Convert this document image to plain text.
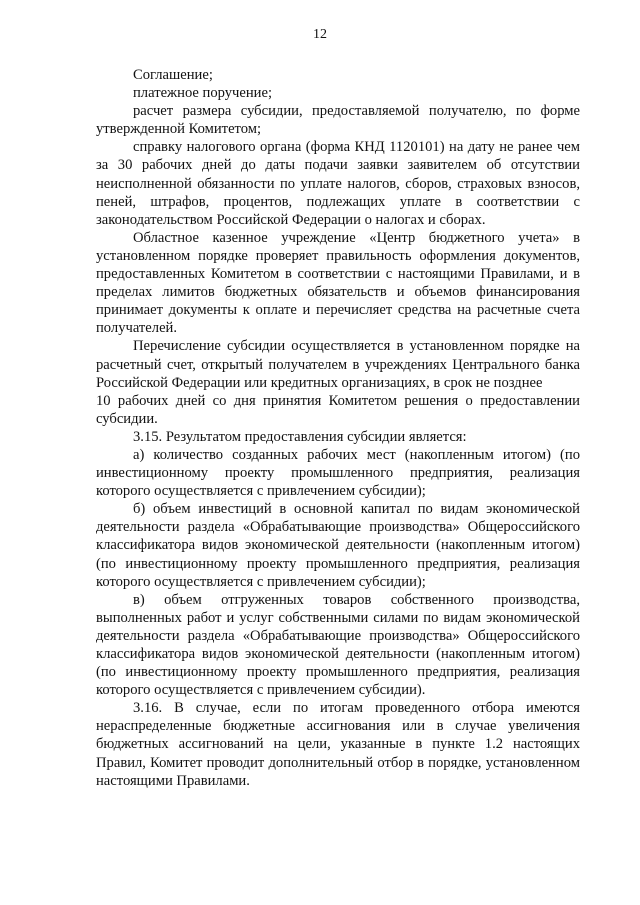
12

Соглашение;

платежное поручение;

расчет размера субсидии, предоставляемой получателю, по форме утвержденной Комитетом;

справку налогового органа (форма КНД 1120101) на дату не ранее чем за 30 рабочих дней до даты подачи заявки заявителем об отсутствии неисполненной обязанности по уплате налогов, сборов, страховых взносов, пеней, штрафов, процентов, подлежащих уплате в соответствии с законодательством Российской Федерации о налогах и сборах.

Областное казенное учреждение «Центр бюджетного учета» в установленном порядке проверяет правильность оформления документов, предоставленных Комитетом в соответствии с настоящими Правилами, и в пределах лимитов бюджетных обязательств и объемов финансирования принимает документы к оплате и перечисляет средства на расчетные счета получателей.

Перечисление субсидии осуществляется в установленном порядке на расчетный счет, открытый получателем в учреждениях Центрального банка Российской Федерации или кредитных организациях, в срок не позднее

10 рабочих дней со дня принятия Комитетом решения о предоставлении субсидии.

3.15. Результатом предоставления субсидии является:

а) количество созданных рабочих мест (накопленным итогом) (по инвестиционному проекту промышленного предприятия, реализация которого осуществляется с привлечением субсидии);

б) объем инвестиций в основной капитал по видам экономической деятельности раздела «Обрабатывающие производства» Общероссийского классификатора видов экономической деятельности (накопленным итогом) (по инвестиционному проекту промышленного предприятия, реализация которого осуществляется с привлечением субсидии);

в) объем отгруженных товаров собственного производства, выполненных работ и услуг собственными силами по видам экономической деятельности раздела «Обрабатывающие производства» Общероссийского классификатора видов экономической деятельности (накопленным итогом) (по инвестиционному проекту промышленного предприятия, реализация которого осуществляется с привлечением субсидии).

3.16. В случае, если по итогам проведенного отбора имеются нераспределенные бюджетные ассигнования или в случае увеличения бюджетных ассигнований на цели, указанные в пункте 1.2 настоящих Правил, Комитет проводит дополнительный отбор в порядке, установленном настоящими Правилами.
